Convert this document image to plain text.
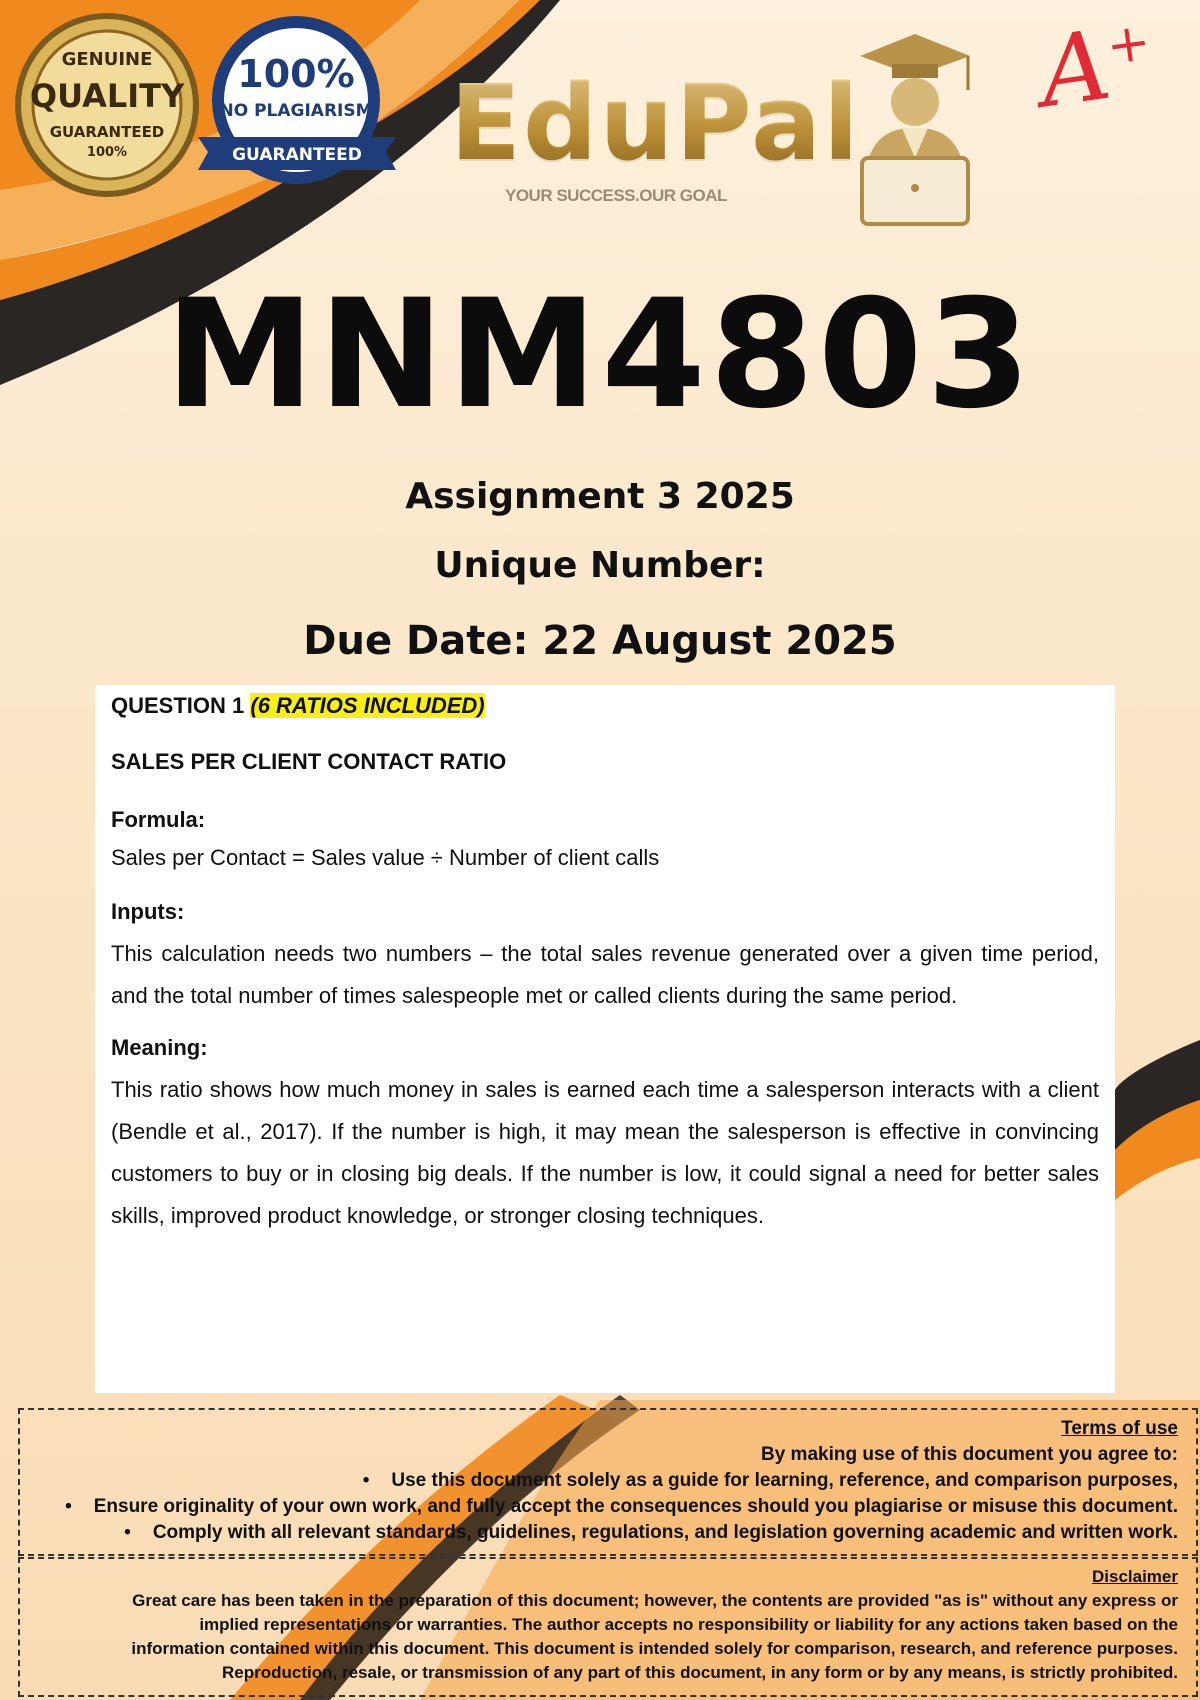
GENUINE
QUALITY
GUARANTEED
100%
100%
NO PLAGIARISM
GUARANTEED EduPal
YOUR SUCCESS.OUR GOAL
A+
MNM4803
Assignment 3 2025
Unique Number:
Due Date: 22 August 2025
QUESTION 1 (6 RATIOS INCLUDED)
SALES PER CLIENT CONTACT RATIO
Formula:
Sales per Contact = Sales value ÷ Number of client calls
Inputs:
This calculation needs two numbers – the total sales revenue generated over a given time period, and the total number of times salespeople met or called clients during the same period.
Meaning:
This ratio shows how much money in sales is earned each time a salesperson interacts with a client (Bendle et al., 2017). If the number is high, it may mean the salesperson is effective in convincing customers to buy or in closing big deals. If the number is low, it could signal a need for better sales skills, improved product knowledge, or stronger closing techniques.
Terms of use
By making use of this document you agree to:
• Use this document solely as a guide for learning, reference, and comparison purposes,
• Ensure originality of your own work, and fully accept the consequences should you plagiarise or misuse this document.
• Comply with all relevant standards, guidelines, regulations, and legislation governing academic and written work.
Disclaimer
Great care has been taken in the preparation of this document; however, the contents are provided "as is" without any express or
implied representations or warranties. The author accepts no responsibility or liability for any actions taken based on the
information contained within this document. This document is intended solely for comparison, research, and reference purposes.
Reproduction, resale, or transmission of any part of this document, in any form or by any means, is strictly prohibited.
